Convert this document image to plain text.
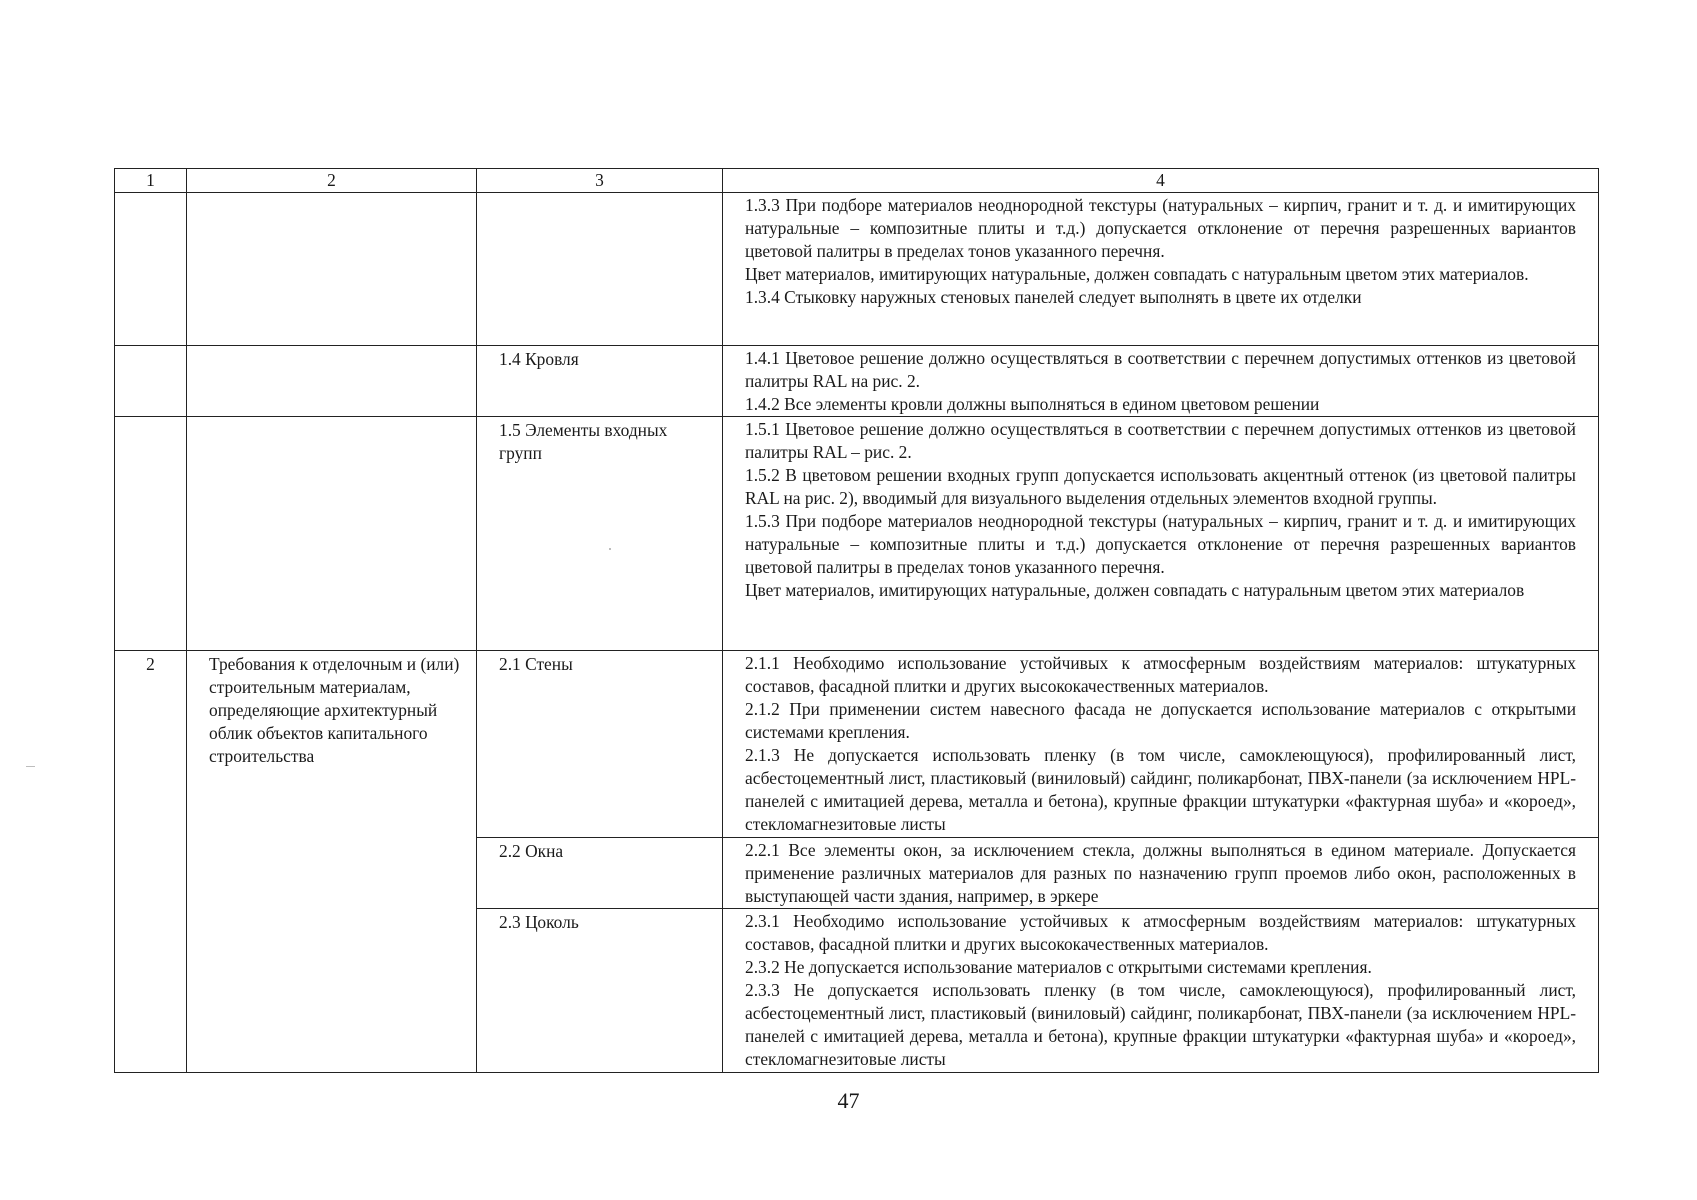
1	2	3	4

			1.3.3 При подборе материалов неоднородной текстуры (натуральных – кирпич, гранит и т. д. и имитирующих натуральные – композитные плиты и т.д.) допускается отклонение от перечня разрешенных вариантов цветовой палитры в пределах тонов указанного перечня.

Цвет материалов, имитирующих натуральные, должен совпадать с натуральным цветом этих материалов.

1.3.4 Стыковку наружных стеновых панелей следует выполнять в цвете их отделки

		1.4 Кровля	1.4.1 Цветовое решение должно осуществляться в соответствии с перечнем допустимых оттенков из цветовой палитры RAL на рис. 2.

1.4.2 Все элементы кровли должны выполняться в едином цветовом решении

		1.5 Элементы входных групп	1.5.1 Цветовое решение должно осуществляться в соответствии с перечнем допустимых оттенков из цветовой палитры RAL – рис. 2.

1.5.2 В цветовом решении входных групп допускается использовать акцентный оттенок (из цветовой палитры RAL на рис. 2), вводимый для визуального выделения отдельных элементов входной группы.

1.5.3 При подборе материалов неоднородной текстуры (натуральных – кирпич, гранит и т. д. и имитирующих натуральные – композитные плиты и т.д.) допускается отклонение от перечня разрешенных вариантов цветовой палитры в пределах тонов указанного перечня.

Цвет материалов, имитирующих натуральные, должен совпадать с натуральным цветом этих материалов

2	Требования к отделочным и (или) строительным материалам, определяющие архитектурный облик объектов капитального строительства	2.1 Стены	2.1.1 Необходимо использование устойчивых к атмосферным воздействиям материалов: штукатурных составов, фасадной плитки и других высококачественных материалов.

2.1.2 При применении систем навесного фасада не допускается использование материалов с открытыми системами крепления.

2.1.3 Не допускается использовать пленку (в том числе, самоклеющуюся), профилированный лист, асбестоцементный лист, пластиковый (виниловый) сайдинг, поликарбонат, ПВХ-панели (за исключением HPL-панелей с имитацией дерева, металла и бетона), крупные фракции штукатурки «фактурная шуба» и «короед», стекломагнезитовые листы

		2.2 Окна	2.2.1 Все элементы окон, за исключением стекла, должны выполняться в едином материале. Допускается применение различных материалов для разных по назначению групп проемов либо окон, расположенных в выступающей части здания, например, в эркере

		2.3 Цоколь	2.3.1 Необходимо использование устойчивых к атмосферным воздействиям материалов: штукатурных составов, фасадной плитки и других высококачественных материалов.

2.3.2 Не допускается использование материалов с открытыми системами крепления.

2.3.3 Не допускается использовать пленку (в том числе, самоклеющуюся), профилированный лист, асбестоцементный лист, пластиковый (виниловый) сайдинг, поликарбонат, ПВХ-панели (за исключением HPL-панелей с имитацией дерева, металла и бетона), крупные фракции штукатурки «фактурная шуба» и «короед», стекломагнезитовые листы

47
